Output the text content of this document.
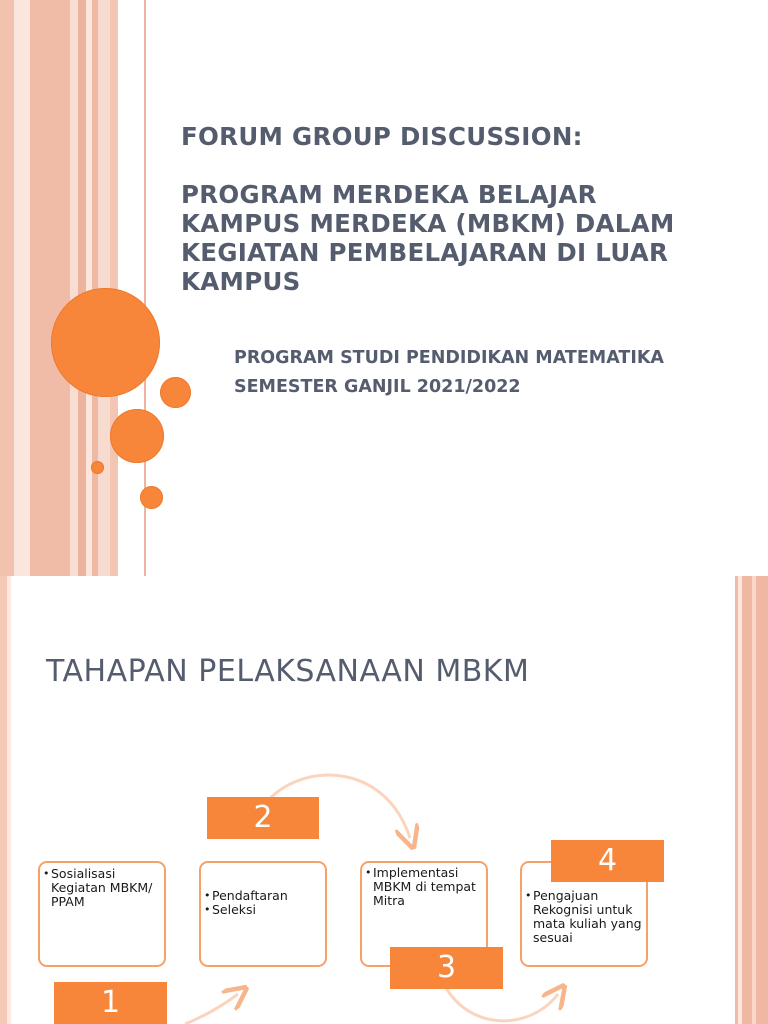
FORUM GROUP DISCUSSION:
PROGRAM MERDEKA BELAJAR
KAMPUS MERDEKA (MBKM) DALAM
KEGIATAN PEMBELAJARAN DI LUAR
KAMPUS
PROGRAM STUDI PENDIDIKAN MATEMATIKA
SEMESTER GANJIL 2021/2022
TAHAPAN PELAKSANAAN MBKM
• Sosialisasi Kegiatan MBKM/ PPAM	• Pendaftaran
• Seleksi
• Implementasi MBKM di tempat Mitra	• Pengajuan Rekognisi untuk mata kuliah yang sesuai
2
4
3
1
